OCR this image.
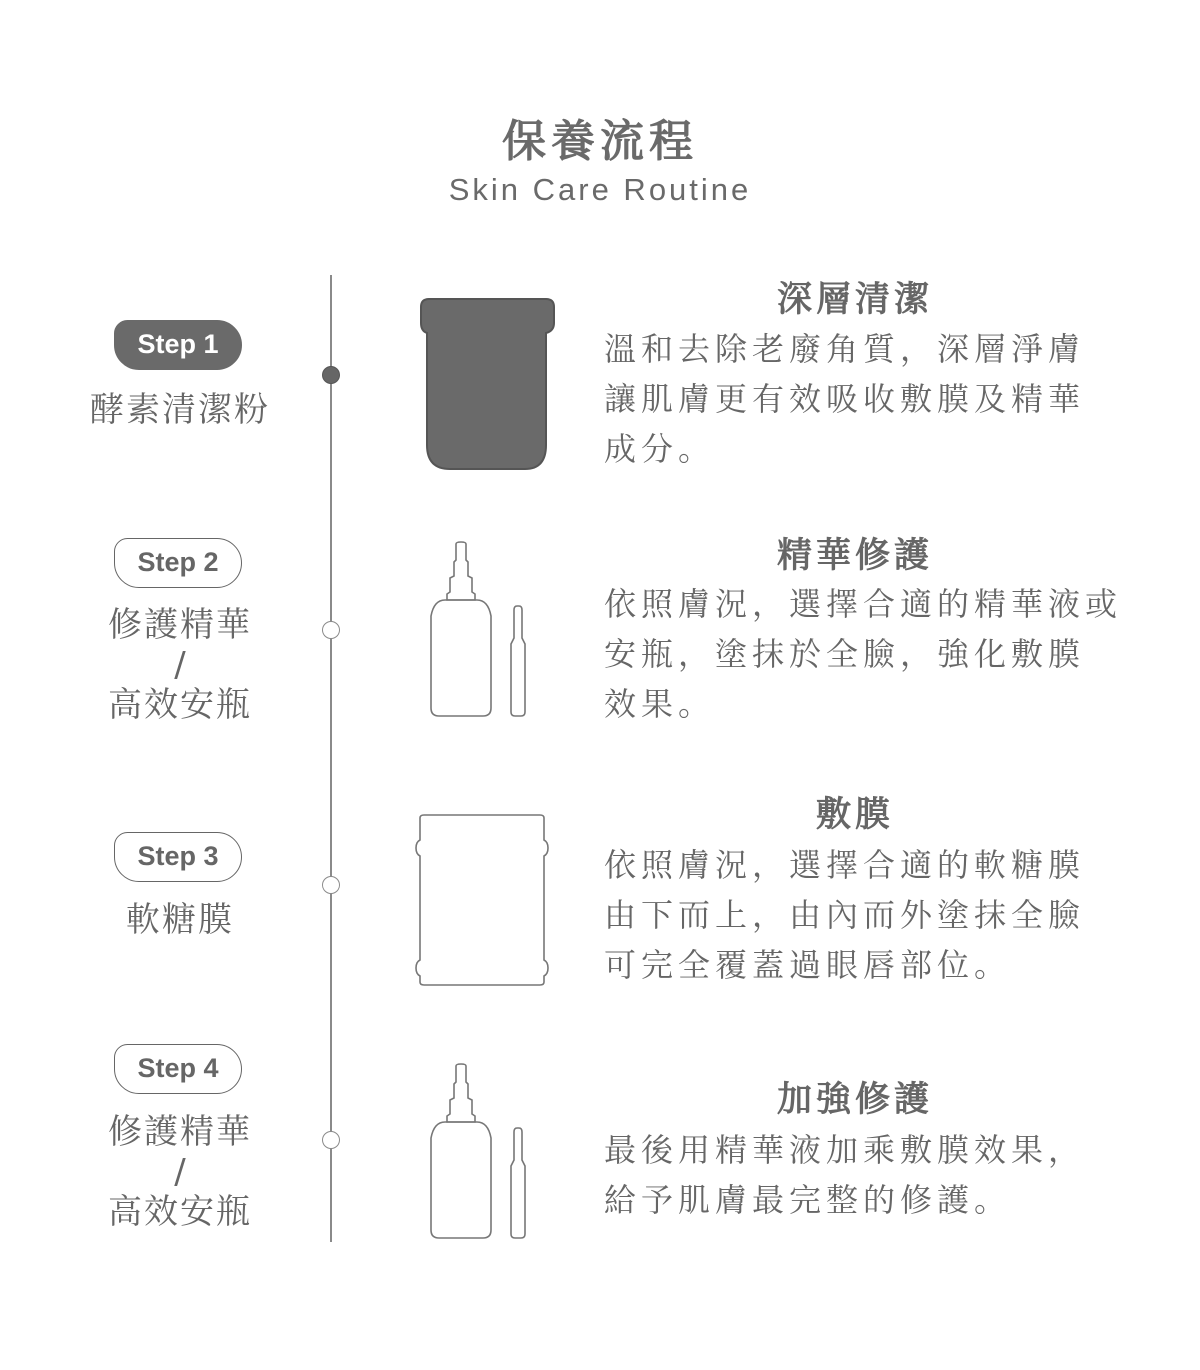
保養流程
Skin Care Routine
Step 1
酵素清潔粉
深層清潔
溫和去除老廢角質，深層淨膚
讓肌膚更有效吸收敷膜及精華
成分。
Step 2
修護精華
/
高效安瓶
精華修護
依照膚況，選擇合適的精華液或
安瓶，塗抹於全臉，強化敷膜
效果。
Step 3
軟糖膜
敷膜
依照膚況，選擇合適的軟糖膜
由下而上，由內而外塗抹全臉
可完全覆蓋過眼唇部位。
Step 4
修護精華
/
高效安瓶
加強修護
最後用精華液加乘敷膜效果，
給予肌膚最完整的修護。
